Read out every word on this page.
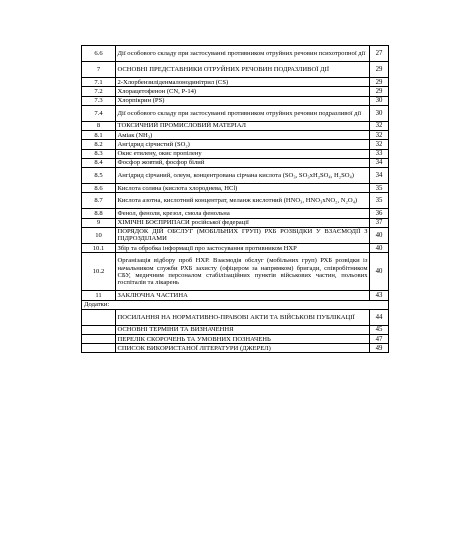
6.6	Дії особового складу при застосуванні противником отруйних речовин психотропної дії	27
7	ОСНОВНІ ПРЕДСТАВНИКИ ОТРУЙНИХ РЕЧОВИН ПОДРАЗЛИВОЇ ДІЇ	29
7.1	2-Хлорбензиліденмалонодинітрил (CS)	29
7.2	Хлорацетофенон (CN, Р-14)	29
7.3	Хлорпікрин (PS)	30
7.4	Дії особового складу при застосуванні противником отруйних речовин подразливої дії	30
8	ТОКСИЧНИЙ ПРОМИСЛОВИЙ МАТЕРІАЛ	32
8.1	Аміак (NH₃)	32
8.2	Ангідрид сірчистий (SO₂)	32
8.3	Окис етилену, окис пропілену	33
8.4	Фосфор жовтий, фосфор білий	34
8.5	Ангідрид сірчаний, олеум, концентрована сірчана кислота (SO₃, SO₃xH₂SO₄, H₂SO₄)	34
8.6	Кислота соляна (кислота хлороднева, НСl)	35
8.7	Кислота азотна, кислотний концентрат, меланж кислотний (HNO₃, HNO₃xNO₂, N₂O₄)	35
8.8	Фенол, феноли, крезол, смола фенольна	36
9	ХІМІЧНІ БОЄПРИПАСИ російської федерації	37
10	ПОРЯДОК ДІЙ ОБСЛУГ (МОБІЛЬНИХ ГРУП) РХБ РОЗВІДКИ У ВЗАЄМОДІЇ З ПІДРОЗДІЛАМИ	40
10.1	Збір та обробка інформації про застосування противником НХР	40
10.2	Організація відбору проб НХР. Взаємодія обслуг (мобільних груп) РХБ розвідки із начальником служби РХБ захисту (офіцером за напрямком) бригади, співробітником СБУ, медичним персоналом стабілізаційних пунктів військових частин, польових госпіталів та лікарень	40
11	ЗАКЛЮЧНА ЧАСТИНА	43
Додатки:		
	ПОСИЛАННЯ НА НОРМАТИВНО-ПРАВОВІ АКТИ ТА ВІЙСЬКОВІ ПУБЛІКАЦІЇ	44
	ОСНОВНІ ТЕРМІНИ ТА ВИЗНАЧЕННЯ	45
	ПЕРЕЛІК СКОРОЧЕНЬ ТА УМОВНИХ ПОЗНАЧЕНЬ	47
	СПИСОК ВИКОРИСТАНОЇ ЛІТЕРАТУРИ (ДЖЕРЕЛ)	49
